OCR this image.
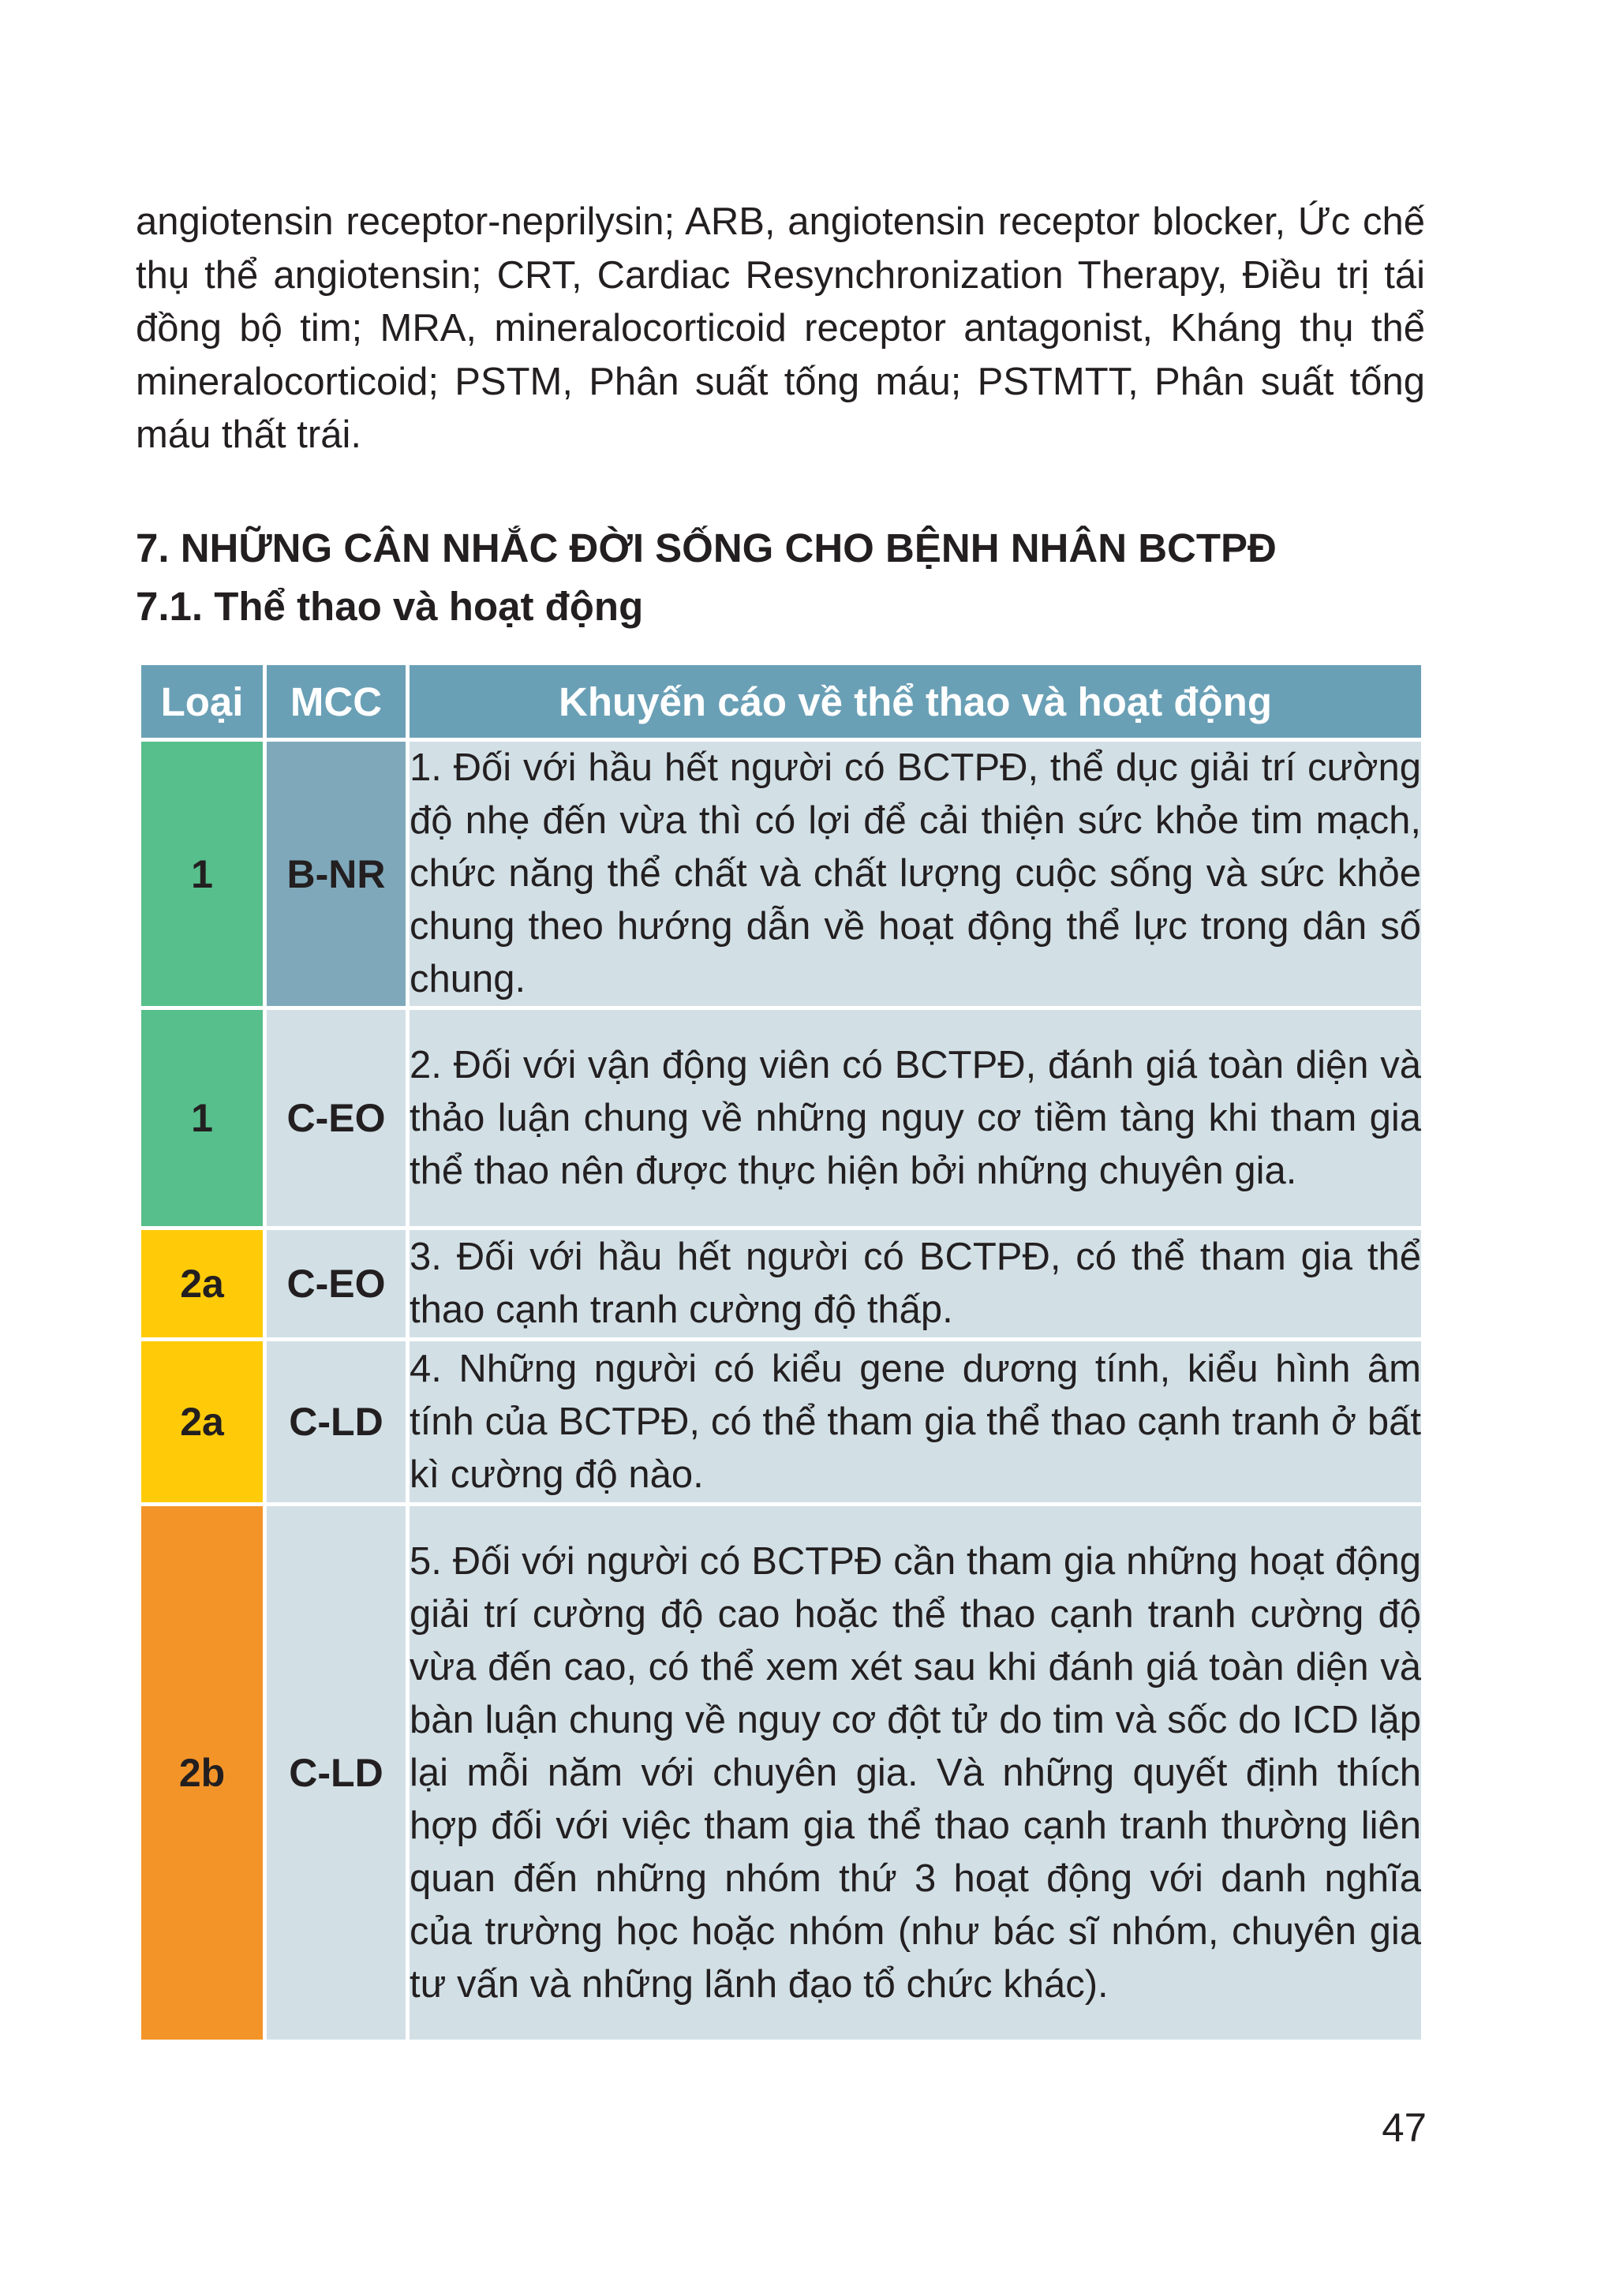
angiotensin receptor-neprilysin; ARB, angiotensin receptor blocker, Ức chế thụ thể angiotensin; CRT, Cardiac Resynchronization Therapy, Điều trị tái đồng bộ tim; MRA, mineralocorticoid receptor antagonist, Kháng thụ thể mineralocorticoid; PSTM, Phân suất tống máu; PSTMTT, Phân suất tống máu thất trái.

7. NHỮNG CÂN NHẮC ĐỜI SỐNG CHO BỆNH NHÂN BCTPĐ
7.1. Thể thao và hoạt động
Loại	MCC	Khuyến cáo về thể thao và hoạt động
1	B-NR	1. Đối với hầu hết người có BCTPĐ, thể dục giải trí cường độ nhẹ đến vừa thì có lợi để cải thiện sức khỏe tim mạch, chức năng thể chất và chất lượng cuộc sống và sức khỏe chung theo hướng dẫn về hoạt động thể lực trong dân số chung.
1	C-EO	2. Đối với vận động viên có BCTPĐ, đánh giá toàn diện và thảo luận chung về những nguy cơ tiềm tàng khi tham gia thể thao nên được thực hiện bởi những chuyên gia.
2a	C-EO	3. Đối với hầu hết người có BCTPĐ, có thể tham gia thể thao cạnh tranh cường độ thấp.
2a	C-LD	4. Những người có kiểu gene dương tính, kiểu hình âm tính của BCTPĐ, có thể tham gia thể thao cạnh tranh ở bất kì cường độ nào.
2b	C-LD	5. Đối với người có BCTPĐ cần tham gia những hoạt động giải trí cường độ cao hoặc thể thao cạnh tranh cường độ vừa đến cao, có thể xem xét sau khi đánh giá toàn diện và bàn luận chung về nguy cơ đột tử do tim và sốc do ICD lặp lại mỗi năm với chuyên gia. Và những quyết định thích hợp đối với việc tham gia thể thao cạnh tranh thường liên quan đến những nhóm thứ 3 hoạt động với danh nghĩa của trường học hoặc nhóm (như bác sĩ nhóm, chuyên gia tư vấn và những lãnh đạo tổ chức khác).
47
